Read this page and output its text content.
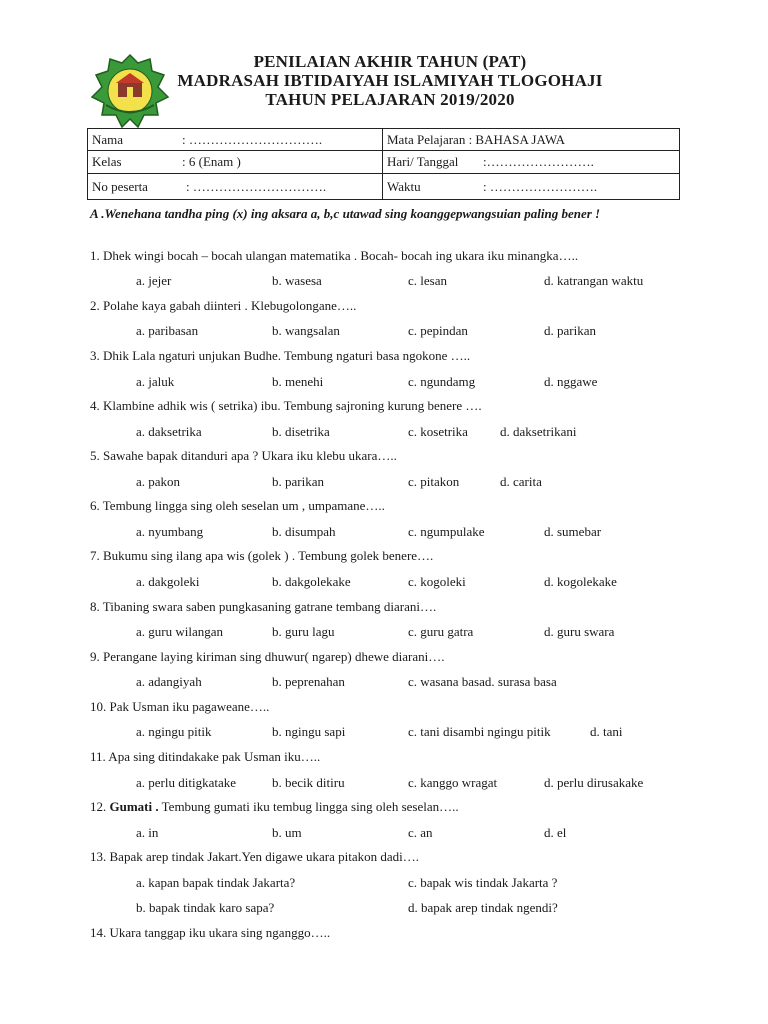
PENILAIAN AKHIR TAHUN (PAT)
MADRASAH IBTIDAIYAH ISLAMIYAH TLOGOHAJI
TAHUN PELAJARAN 2019/2020
Nama : ………………………….	Mata Pelajaran : BAHASA JAWA
Kelas : 6 (Enam )	Hari/ Tanggal :…………………….
No peserta : ………………………….	Waktu : …………………….
A .Wenehana tandha ping (x) ing aksara a, b,c utawad sing koanggepwangsuian paling bener !
1. Dhek wingi bocah – bocah ulangan matematika . Bocah- bocah ing ukara iku minangka…..
a. jejer	b. wasesa	c. lesan	d. katrangan waktu
2. Polahe kaya gabah diinteri . Klebugolongane…..
a. paribasan	b. wangsalan	c. pepindan	d. parikan
3. Dhik Lala ngaturi unjukan Budhe. Tembung ngaturi basa ngokone …..
a. jaluk	b. menehi	c. ngundamg	d. nggawe
4. Klambine adhik wis ( setrika) ibu. Tembung sajroning kurung benere ….
a. daksetrika	b. disetrika	c. kosetrika d. daksetrikani
5. Sawahe bapak ditanduri apa ? Ukara iku klebu ukara…..
a. pakon	b. parikan	c. pitakon	d. carita
6. Tembung lingga sing oleh seselan um , umpamane…..
a. nyumbang	b. disumpah	c. ngumpulake	d. sumebar
7. Bukumu sing ilang apa wis (golek ) . Tembung golek benere….
a. dakgoleki	b. dakgolekake	c. kogoleki	d. kogolekake
8. Tibaning swara saben pungkasaning gatrane tembang diarani….
a. guru wilangan	b. guru lagu	c. guru gatra	d. guru swara
9. Perangane laying kiriman sing dhuwur( ngarep) dhewe diarani….
a. adangiyah	b. peprenahan	c. wasana basad. surasa basa
10. Pak Usman iku pagaweane…..
a. ngingu pitik	b. ngingu sapi	c. tani disambi ngingu pitik	d. tani
11. Apa sing ditindakake pak Usman iku…..
a. perlu ditigkatake	b. becik ditiru	c. kanggo wragat	d. perlu dirusakake
12. Gumati . Tembung gumati iku tembug lingga sing oleh seselan…..
a. in	b. um	c. an	d. el
13. Bapak arep tindak Jakart.Yen digawe ukara pitakon dadi….
a. kapan bapak tindak Jakarta?	c. bapak wis tindak Jakarta ?
b. bapak tindak karo sapa?	d. bapak arep tindak ngendi?
14. Ukara tanggap iku ukara sing nganggo…..
